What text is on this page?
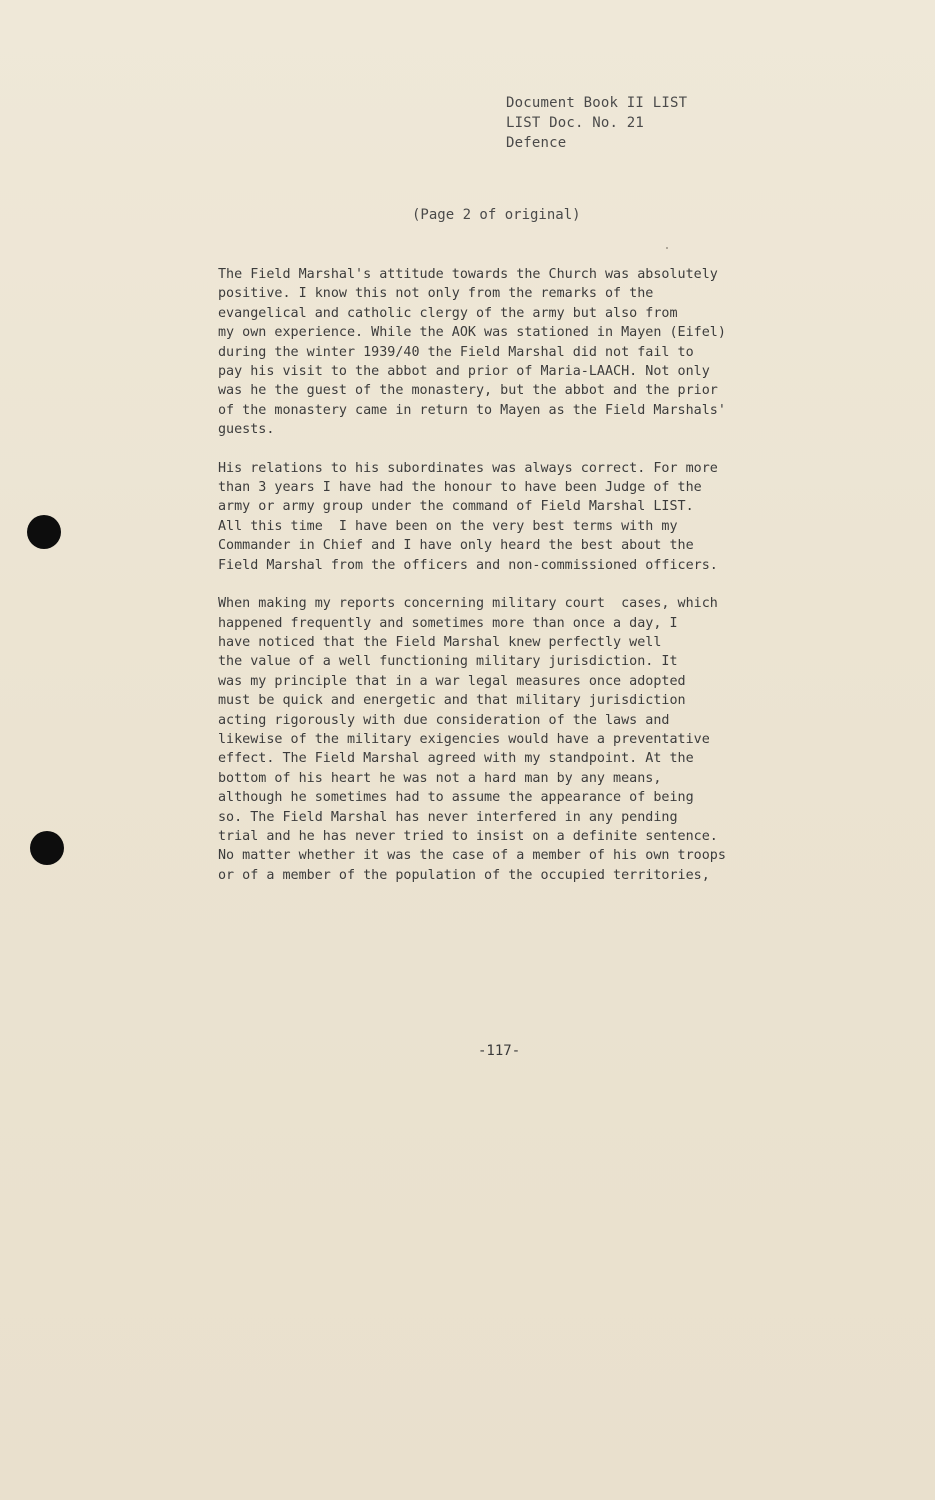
Document Book II LIST
LIST Doc. No. 21
Defence
(Page 2 of original)
The Field Marshal's attitude towards the Church was absolutely
positive. I know this not only from the remarks of the
evangelical and catholic clergy of the army but also from
my own experience. While the AOK was stationed in Mayen (Eifel)
during the winter 1939/40 the Field Marshal did not fail to
pay his visit to the abbot and prior of Maria-LAACH. Not only
was he the guest of the monastery, but the abbot and the prior
of the monastery came in return to Mayen as the Field Marshals'
guests.
His relations to his subordinates was always correct. For more
than 3 years I have had the honour to have been Judge of the
army or army group under the command of Field Marshal LIST.
All this time  I have been on the very best terms with my
Commander in Chief and I have only heard the best about the
Field Marshal from the officers and non-commissioned officers.
When making my reports concerning military court  cases, which
happened frequently and sometimes more than once a day, I
have noticed that the Field Marshal knew perfectly well
the value of a well functioning military jurisdiction. It
was my principle that in a war legal measures once adopted
must be quick and energetic and that military jurisdiction
acting rigorously with due consideration of the laws and
likewise of the military exigencies would have a preventative
effect. The Field Marshal agreed with my standpoint. At the
bottom of his heart he was not a hard man by any means,
although he sometimes had to assume the appearance of being
so. The Field Marshal has never interfered in any pending
trial and he has never tried to insist on a definite sentence.
No matter whether it was the case of a member of his own troops
or of a member of the population of the occupied territories,
-117-
